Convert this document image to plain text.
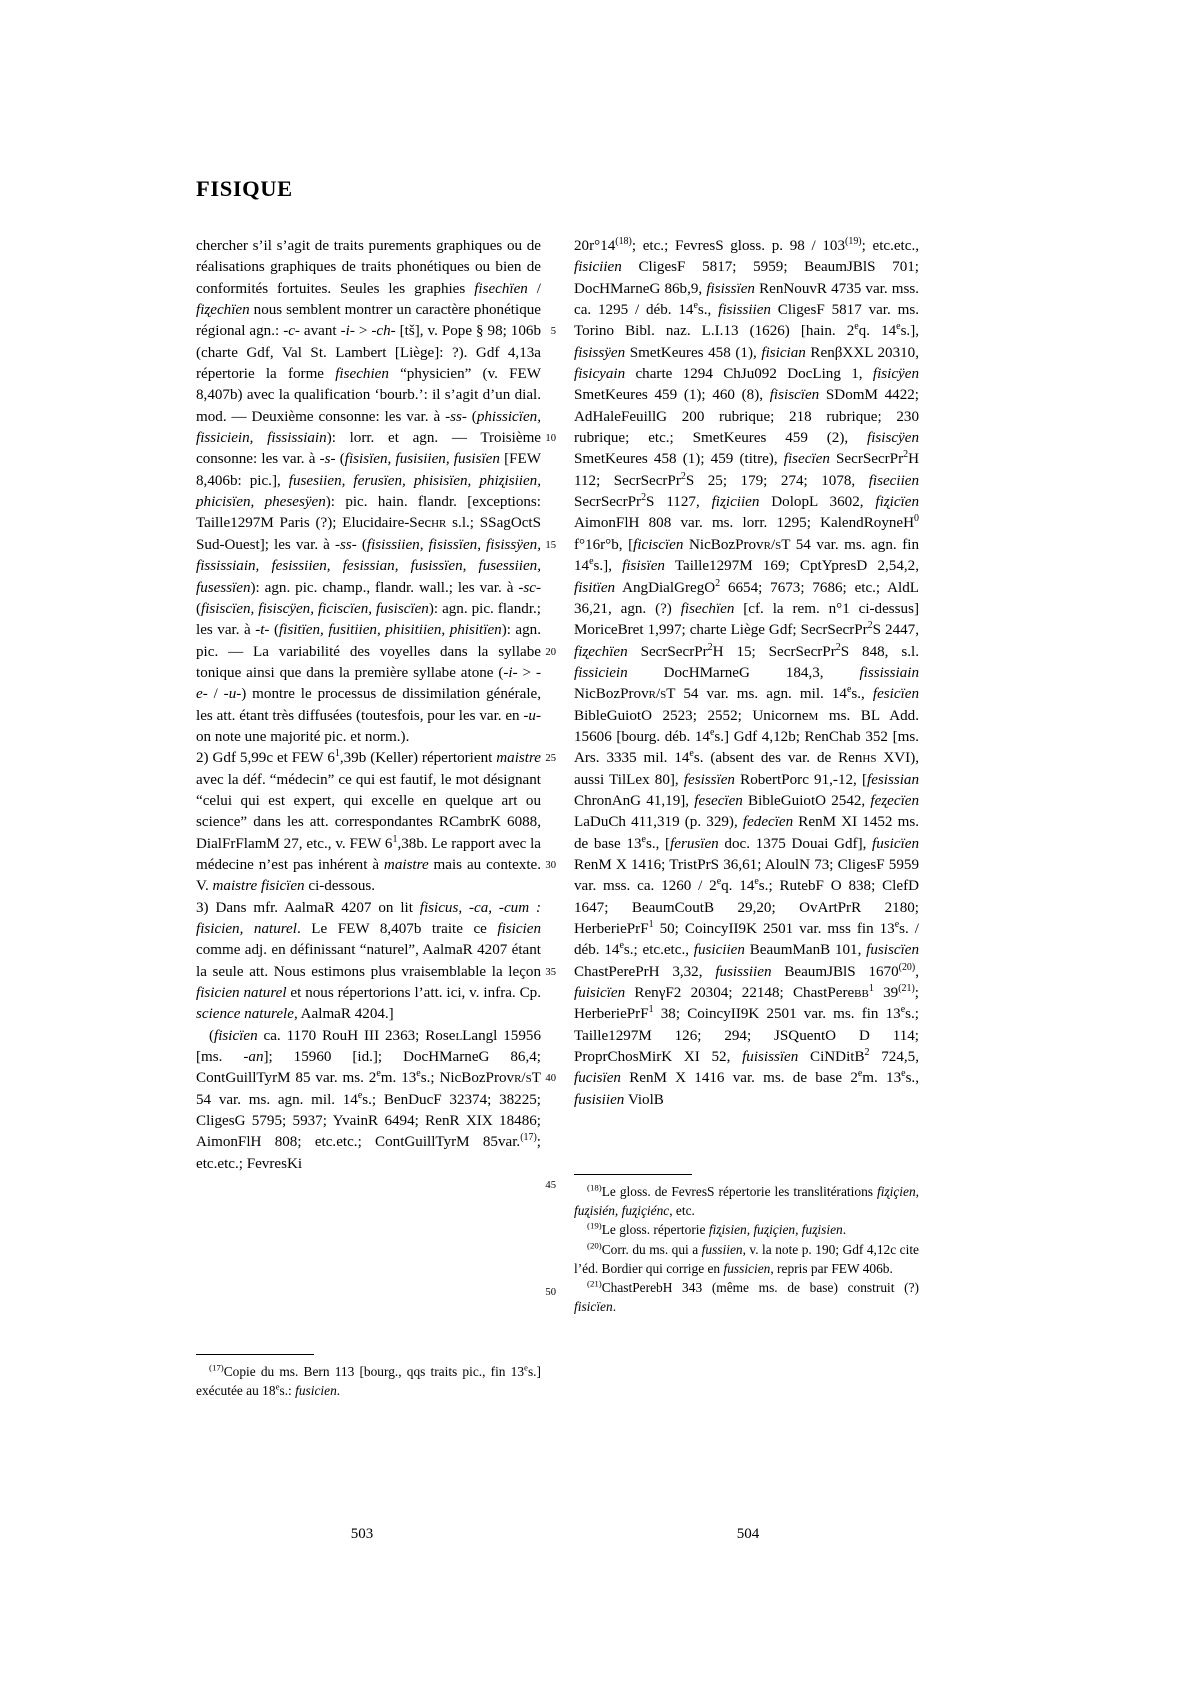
FISIQUE

chercher s’il s’agit de traits purements graphiques ou de réalisations graphiques de traits phonétiques ou bien de conformités fortuites. Seules les graphies fisechïen / fiʐechïen nous semblent montrer un caractère phonétique régional agn.: -c- avant -i- > -ch- [tš], v. Pope § 98; 106b (charte Gdf, Val St. Lambert [Liège]: ?). Gdf 4,13a répertorie la forme fisechien “physicien” (v. FEW 8,407b) avec la qualification ‘bourb.’: il s’agit d’un dial. mod. — Deuxième consonne: les var. à -ss- (phissicïen, fissiciein, fississiain): lorr. et agn. — Troisième consonne: les var. à -s- (fisisïen, fusisiien, fusisïen [FEW 8,406b: pic.], fusesiien, ferusïen, phisisïen, phiʐisiien, phicisïen, phesesÿen): pic. hain. flandr. [exceptions: Taille1297M Paris (?); Elucidaire-Sechr s.l.; SSagOctS Sud-Ouest]; les var. à -ss- (fisissiien, fisissïen, fisissÿen, fississiain, fesissiien, fesissian, fusissïen, fusessiien, fusessïen): agn. pic. champ., flandr. wall.; les var. à -sc- (fisiscïen, fisiscÿen, ficiscïen, fusiscïen): agn. pic. flandr.; les var. à -t- (fisitïen, fusitiien, phisitiien, phisitïen): agn. pic. — La variabilité des voyelles dans la syllabe tonique ainsi que dans la première syllabe atone (-i- > -e- / -u-) montre le processus de dissimilation générale, les att. étant très diffusées (toutesfois, pour les var. en -u- on note une majorité pic. et norm.).

2) Gdf 5,99c et FEW $6^1,39b$ (Keller) répertorient maistre avec la déf. “médecin” ce qui est fautif, le mot désignant “celui qui est expert, qui excelle en quelque art ou science” dans les att. correspondantes RCambrK 6088, DialFrFlamM 27, etc., v. FEW $6^1,38b$. Le rapport avec la médecine n’est pas inhérent à maistre mais au contexte. V. maistre fisicïen ci-dessous.

3) Dans mfr. AalmaR 4207 on lit fisicus, -ca, -cum : fisicien, naturel. Le FEW 8,407b traite ce fisicien comme adj. en définissant “naturel”, AalmaR 4207 étant la seule att. Nous estimons plus vraisemblable la leçon fisicien naturel et nous répertorions l’att. ici, v. infra. Cp. science naturele, AalmaR 4204.]

(fisicïen ca. 1170 RouH III 2363; RoselLangl 15956 [ms. -an]; 15960 [id.]; DocHMarneG 86,4; ContGuillTyrM 85 var. ms. 2em. 13es.; NicBozProvr/sT 54 var. ms. agn. mil. 14es.; BenDucF 32374; 38225; CligesG 5795; 5937; YvainR 6494; RenR XIX 18486; AimonFlH 808; etc.etc.; ContGuillTyrM 85var.$^{(17)}$; etc.etc.; FevresKi

5
10
15
20
25
30
35
40
45
50

20r°14$^{(18)}$; etc.; FevresS gloss. p. 98 / 103$^{(19)}$; etc.etc., fisiciien CligesF 5817; 5959; BeaumJBlS 701; DocHMarneG 86b,9, fisissïen RenNouvR 4735 var. mss. ca. 1295 / déb. 14es., fisissiien CligesF 5817 var. ms. Torino Bibl. naz. L.I.13 (1626) [hain. 2eq. 14es.], fisissÿen SmetKeures 458 (1), fisician RenβXXL 20310, fisicyain charte 1294 ChJu092 DocLing 1, fisicÿen SmetKeures 459 (1); 460 (8), fisiscïen SDomM 4422; AdHaleFeuillG 200 rubrique; 218 rubrique; 230 rubrique; etc.; SmetKeures 459 (2), fisiscÿen SmetKeures 458 (1); 459 (titre), fisecïen SecrSecrPr$^2$H 112; SecrSecrPr$^2$S 25; 179; 274; 1078, fiseciien SecrSecrPr$^2$S 1127, fiʐiciien DolopL 3602, fiʐicïen AimonFlH 808 var. ms. lorr. 1295; KalendRoyneH$^0$ f°16r°b, [ficiscïen NicBozProvr/sT 54 var. ms. agn. fin 14es.], fisisïen Taille1297M 169; CptYpresD 2,54,2, fisitïen AngDialGregO$^2$ 6654; 7673; 7686; etc.; AldL 36,21, agn. (?) fisechïen [cf. la rem. n°1 ci-dessus] MoriceBret 1,997; charte Liège Gdf; SecrSecrPr$^2$S 2447, fiʐechïen SecrSecrPr$^2$H 15; SecrSecrPr$^2$S 848, s.l. fissiciein DocHMarneG 184,3, fississiain NicBozProvr/sT 54 var. ms. agn. mil. 14es., fesicïen BibleGuiotO 2523; 2552; Unicornem ms. BL Add. 15606 [bourg. déb. 14es.] Gdf 4,12b; RenChab 352 [ms. Ars. 3335 mil. 14es. (absent des var. de Renhs XVI), aussi TilLex 80], fesissïen RobertPorc 91,-12, [fesissian ChronAnG 41,19], fesecïen BibleGuiotO 2542, feʐecïen LaDuCh 411,319 (p. 329), fedecïen RenM XI 1452 ms. de base 13es., [ferusïen doc. 1375 Douai Gdf], fusicïen RenM X 1416; TristPrS 36,61; AloulN 73; CligesF 5959 var. mss. ca. 1260 / 2eq. 14es.; RutebF O 838; ClefD 1647; BeaumCoutB 29,20; OvArtPrR 2180; HerberiePrF$^1$ 50; CoincyII9K 2501 var. mss fin 13es. / déb. 14es.; etc.etc., fusiciien BeaumManB 101, fusiscïen ChastPerePrH 3,32, fusissiien BeaumJBlS 1670$^{(20)}$, fuisicïen RenγF2 20304; 22148; ChastPerebb$^1$ 39$^{(21)}$; HerberiePrF$^1$ 38; CoincyII9K 2501 var. ms. fin 13es.; Taille1297M 126; 294; JSQuentO D 114; ProprChosMirK XI 52, fuisissïen CiNDitB$^2$ 724,5, fucisïen RenM X 1416 var. ms. de base 2em. 13es., fusisiien ViolB

$^{(17)}$Copie du ms. Bern 113 [bourg., qqs traits pic., fin 13es.] exécutée au 18es.: fusicien.

$^{(18)}$Le gloss. de FevresS répertorie les translitérations fiʐiçien, fuʐisién, fuʐiçiénc, etc.

$^{(19)}$Le gloss. répertorie fiʐisien, fuʐiçien, fuʐisien.

$^{(20)}$Corr. du ms. qui a fussiien, v. la note p. 190; Gdf 4,12c cite l’éd. Bordier qui corrige en fussicien, repris par FEW 406b.

$^{(21)}$ChastPerebH 343 (même ms. de base) construit (?) fisicïen.

503	504
